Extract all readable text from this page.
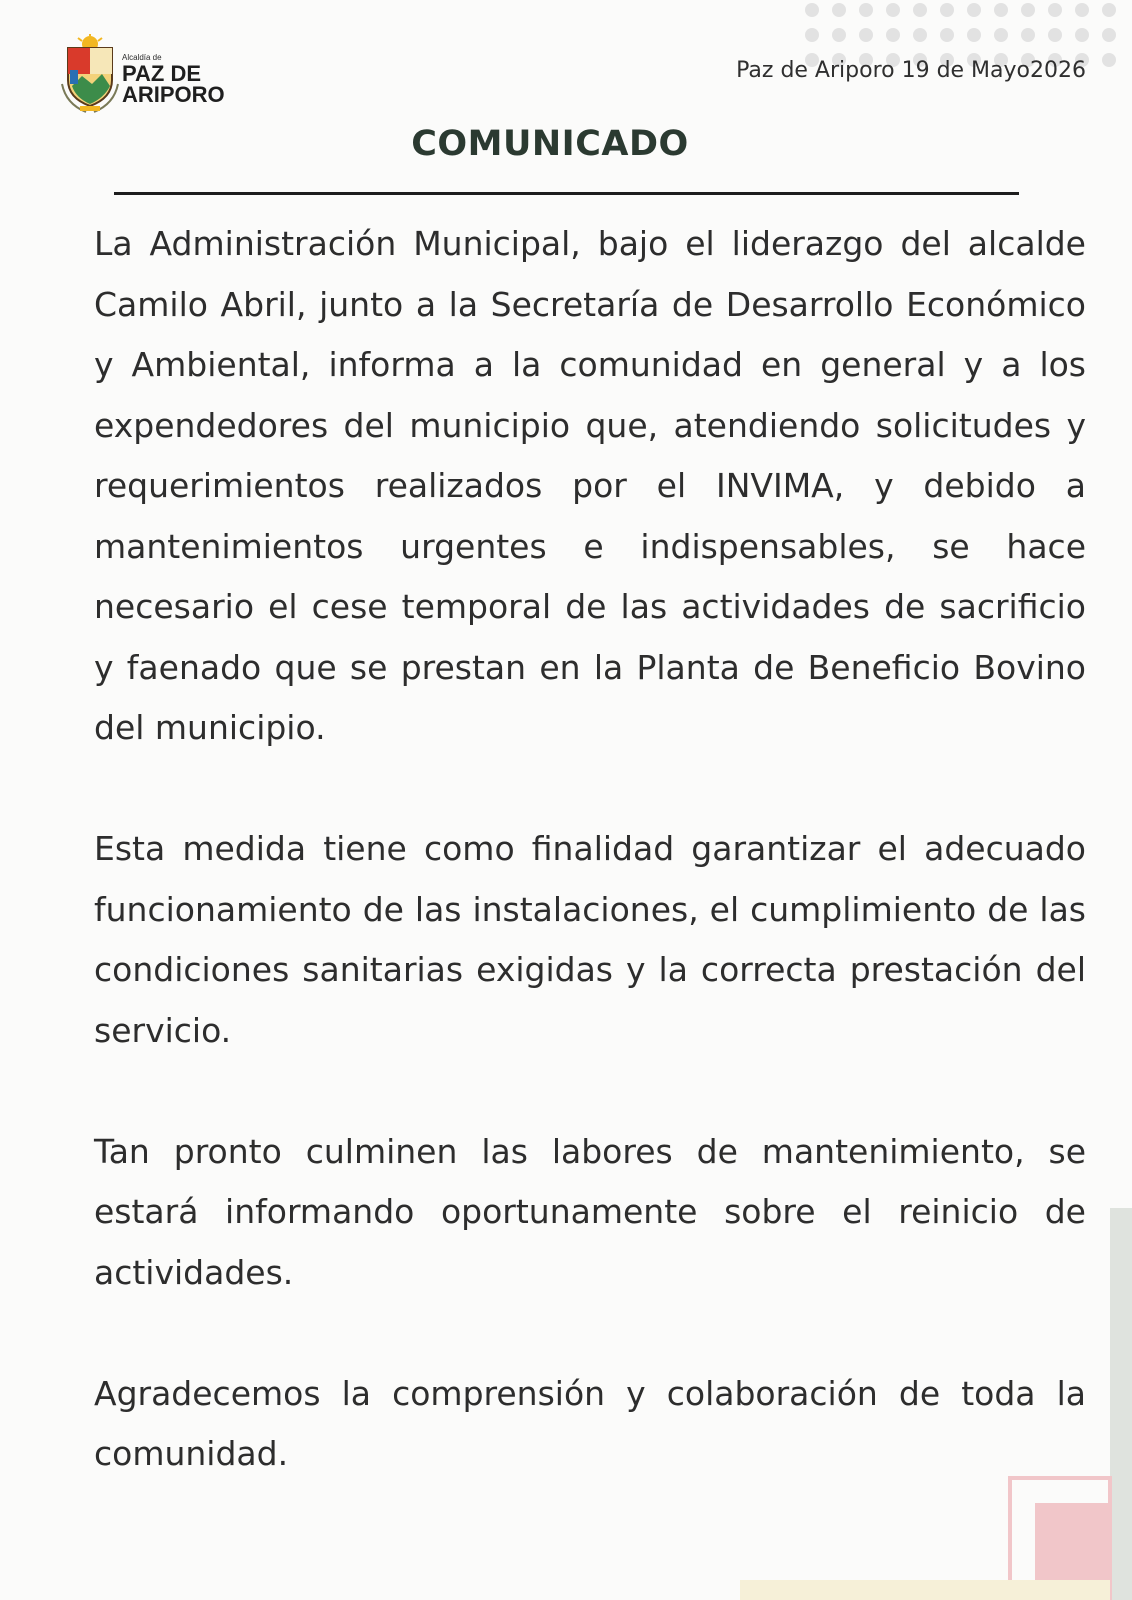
Alcaldía de
PAZ DE
ARIPORO
Paz de Ariporo 19 de Mayo2026
COMUNICADO

La Administración Municipal, bajo el liderazgo del alcalde Camilo Abril, junto a la Secretaría de Desarrollo Económico y Ambiental, informa a la comunidad en general y a los expendedores del municipio que, atendiendo solicitudes y requerimientos realizados por el INVIMA, y debido a mantenimientos urgentes e indispensables, se hace necesario el cese temporal de las actividades de sacrificio y faenado que se prestan en la Planta de Beneficio Bovino del municipio.

Esta medida tiene como finalidad garantizar el adecuado funcionamiento de las instalaciones, el cumplimiento de las condiciones sanitarias exigidas y la correcta prestación del servicio.

Tan pronto culminen las labores de mantenimiento, se estará informando oportunamente sobre el reinicio de actividades.

Agradecemos la comprensión y colaboración de toda la comunidad.
